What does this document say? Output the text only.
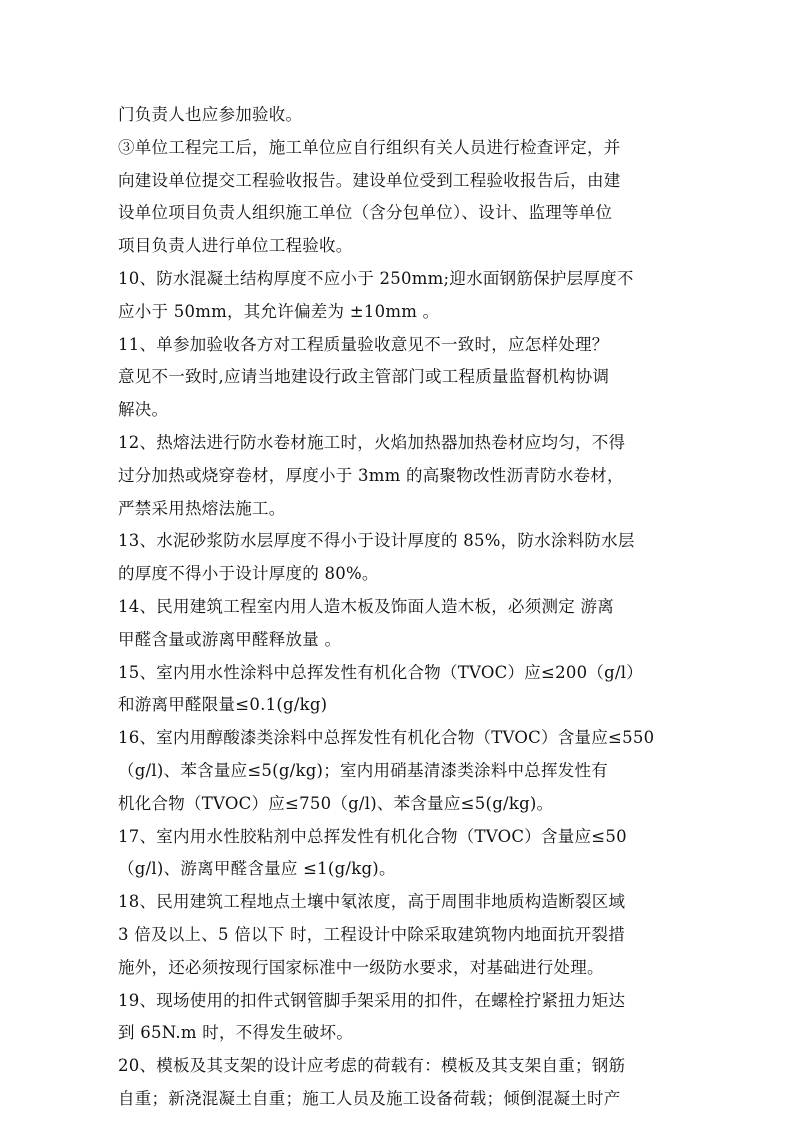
门负责人也应参加验收。
③单位工程完工后，施工单位应自行组织有关人员进行检查评定，并
向建设单位提交工程验收报告。建设单位受到工程验收报告后，由建
设单位项目负责人组织施工单位（含分包单位）、设计、监理等单位
项目负责人进行单位工程验收。
10、防水混凝土结构厚度不应小于 250mm;迎水面钢筋保护层厚度不
应小于 50mm，其允许偏差为 ±10mm 。
11、单参加验收各方对工程质量验收意见不一致时，应怎样处理？
意见不一致时,应请当地建设行政主管部门或工程质量监督机构协调
解决。
12、热熔法进行防水卷材施工时，火焰加热器加热卷材应均匀，不得
过分加热或烧穿卷材，厚度小于 3mm 的高聚物改性沥青防水卷材，
严禁采用热熔法施工。
13、水泥砂浆防水层厚度不得小于设计厚度的 85%，防水涂料防水层
的厚度不得小于设计厚度的 80%。
14、民用建筑工程室内用人造木板及饰面人造木板，必须测定 游离
甲醛含量或游离甲醛释放量 。
15、室内用水性涂料中总挥发性有机化合物（TVOC）应≤200（g/l）
和游离甲醛限量≤0.1(g/kg)
16、室内用醇酸漆类涂料中总挥发性有机化合物（TVOC）含量应≤550
（g/l)、苯含量应≤5(g/kg)；室内用硝基清漆类涂料中总挥发性有
机化合物（TVOC）应≤750（g/l)、苯含量应≤5(g/kg)。
17、室内用水性胶粘剂中总挥发性有机化合物（TVOC）含量应≤50
（g/l)、游离甲醛含量应 ≤1(g/kg)。
18、民用建筑工程地点土壤中氡浓度，高于周围非地质构造断裂区域
3 倍及以上、5 倍以下 时，工程设计中除采取建筑物内地面抗开裂措
施外，还必须按现行国家标准中一级防水要求，对基础进行处理。
19、现场使用的扣件式钢管脚手架采用的扣件，在螺栓拧紧扭力矩达
到 65N.m 时，不得发生破坏。
20、模板及其支架的设计应考虑的荷载有：模板及其支架自重；钢筋
自重；新浇混凝土自重；施工人员及施工设备荷载；倾倒混凝土时产
